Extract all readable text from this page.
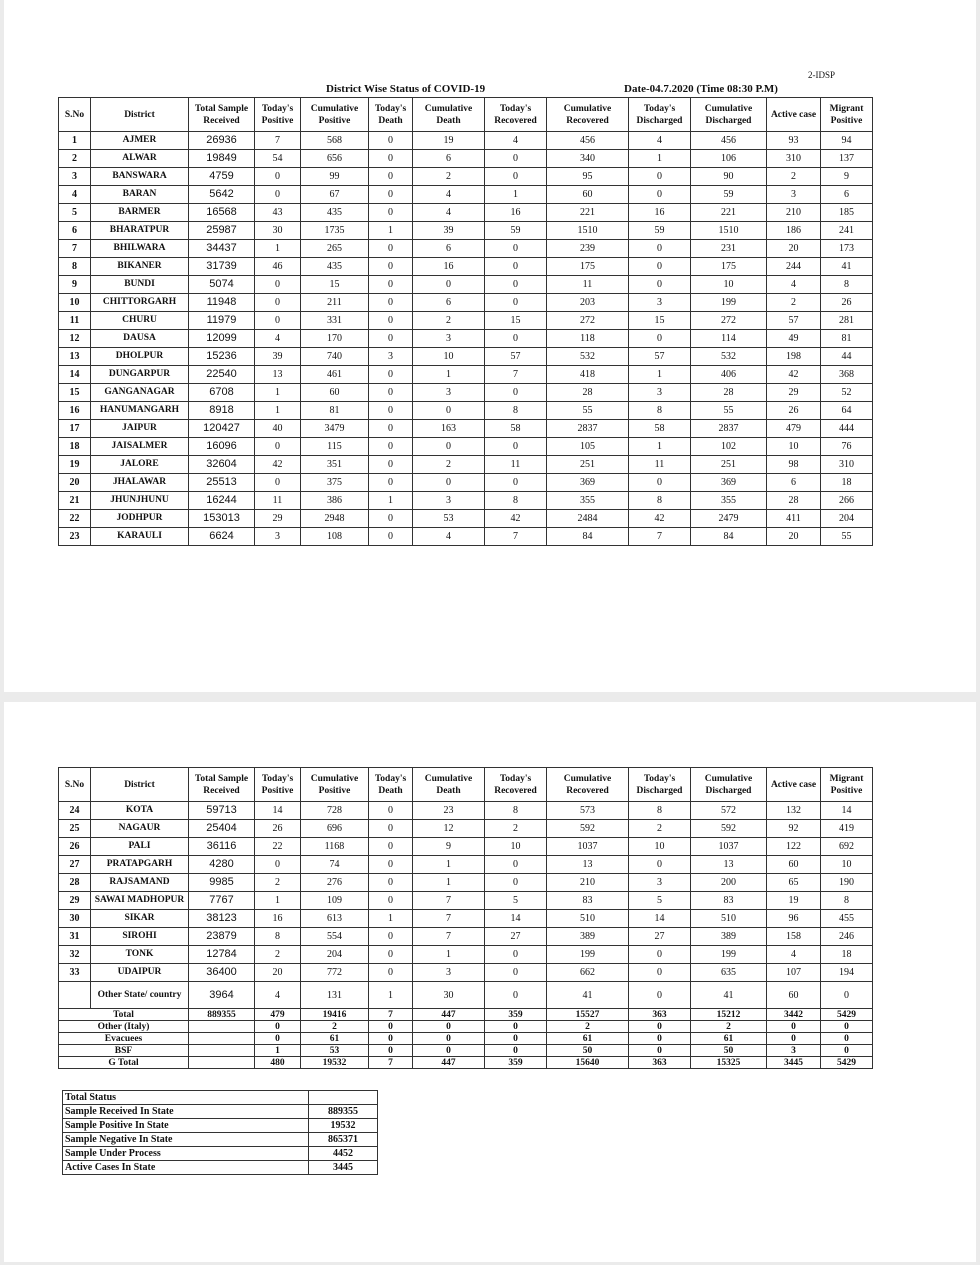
2-IDSP
District Wise Status of COVID-19	Date-04.7.2020 (Time 08:30 P.M)
S.No	District	Total Sample Received	Today's Positive	Cumulative Positive	Today's Death	Cumulative Death	Today's Recovered	Cumulative Recovered	Today's Discharged	Cumulative Discharged	Active case	Migrant Positive
1	AJMER	26936	7	568	0	19	4	456	4	456	93	94
2	ALWAR	19849	54	656	0	6	0	340	1	106	310	137
3	BANSWARA	4759	0	99	0	2	0	95	0	90	2	9
4	BARAN	5642	0	67	0	4	1	60	0	59	3	6
5	BARMER	16568	43	435	0	4	16	221	16	221	210	185
6	BHARATPUR	25987	30	1735	1	39	59	1510	59	1510	186	241
7	BHILWARA	34437	1	265	0	6	0	239	0	231	20	173
8	BIKANER	31739	46	435	0	16	0	175	0	175	244	41
9	BUNDI	5074	0	15	0	0	0	11	0	10	4	8
10	CHITTORGARH	11948	0	211	0	6	0	203	3	199	2	26
11	CHURU	11979	0	331	0	2	15	272	15	272	57	281
12	DAUSA	12099	4	170	0	3	0	118	0	114	49	81
13	DHOLPUR	15236	39	740	3	10	57	532	57	532	198	44
14	DUNGARPUR	22540	13	461	0	1	7	418	1	406	42	368
15	GANGANAGAR	6708	1	60	0	3	0	28	3	28	29	52
16	HANUMANGARH	8918	1	81	0	0	8	55	8	55	26	64
17	JAIPUR	120427	40	3479	0	163	58	2837	58	2837	479	444
18	JAISALMER	16096	0	115	0	0	0	105	1	102	10	76
19	JALORE	32604	42	351	0	2	11	251	11	251	98	310
20	JHALAWAR	25513	0	375	0	0	0	369	0	369	6	18
21	JHUNJHUNU	16244	11	386	1	3	8	355	8	355	28	266
22	JODHPUR	153013	29	2948	0	53	42	2484	42	2479	411	204
23	KARAULI	6624	3	108	0	4	7	84	7	84	20	55
S.No	District	Total Sample Received	Today's Positive	Cumulative Positive	Today's Death	Cumulative Death	Today's Recovered	Cumulative Recovered	Today's Discharged	Cumulative Discharged	Active case	Migrant Positive
24	KOTA	59713	14	728	0	23	8	573	8	572	132	14
25	NAGAUR	25404	26	696	0	12	2	592	2	592	92	419
26	PALI	36116	22	1168	0	9	10	1037	10	1037	122	692
27	PRATAPGARH	4280	0	74	0	1	0	13	0	13	60	10
28	RAJSAMAND	9985	2	276	0	1	0	210	3	200	65	190
29	SAWAI MADHOPUR	7767	1	109	0	7	5	83	5	83	19	8
30	SIKAR	38123	16	613	1	7	14	510	14	510	96	455
31	SIROHI	23879	8	554	0	7	27	389	27	389	158	246
32	TONK	12784	2	204	0	1	0	199	0	199	4	18
33	UDAIPUR	36400	20	772	0	3	0	662	0	635	107	194
	Other State/ country	3964	4	131	1	30	0	41	0	41	60	0
Total		889355	479	19416	7	447	359	15527	363	15212	3442	5429
Other (Italy)			0	2	0	0	0	2	0	2	0	0
Evacuees			0	61	0	0	0	61	0	61	0	0
BSF			1	53	0	0	0	50	0	50	3	0
G Total			480	19532	7	447	359	15640	363	15325	3445	5429
Total Status	
Sample Received In State	889355
Sample Positive In State	19532
Sample Negative In State	865371
Sample Under Process	4452
Active Cases In State	3445
